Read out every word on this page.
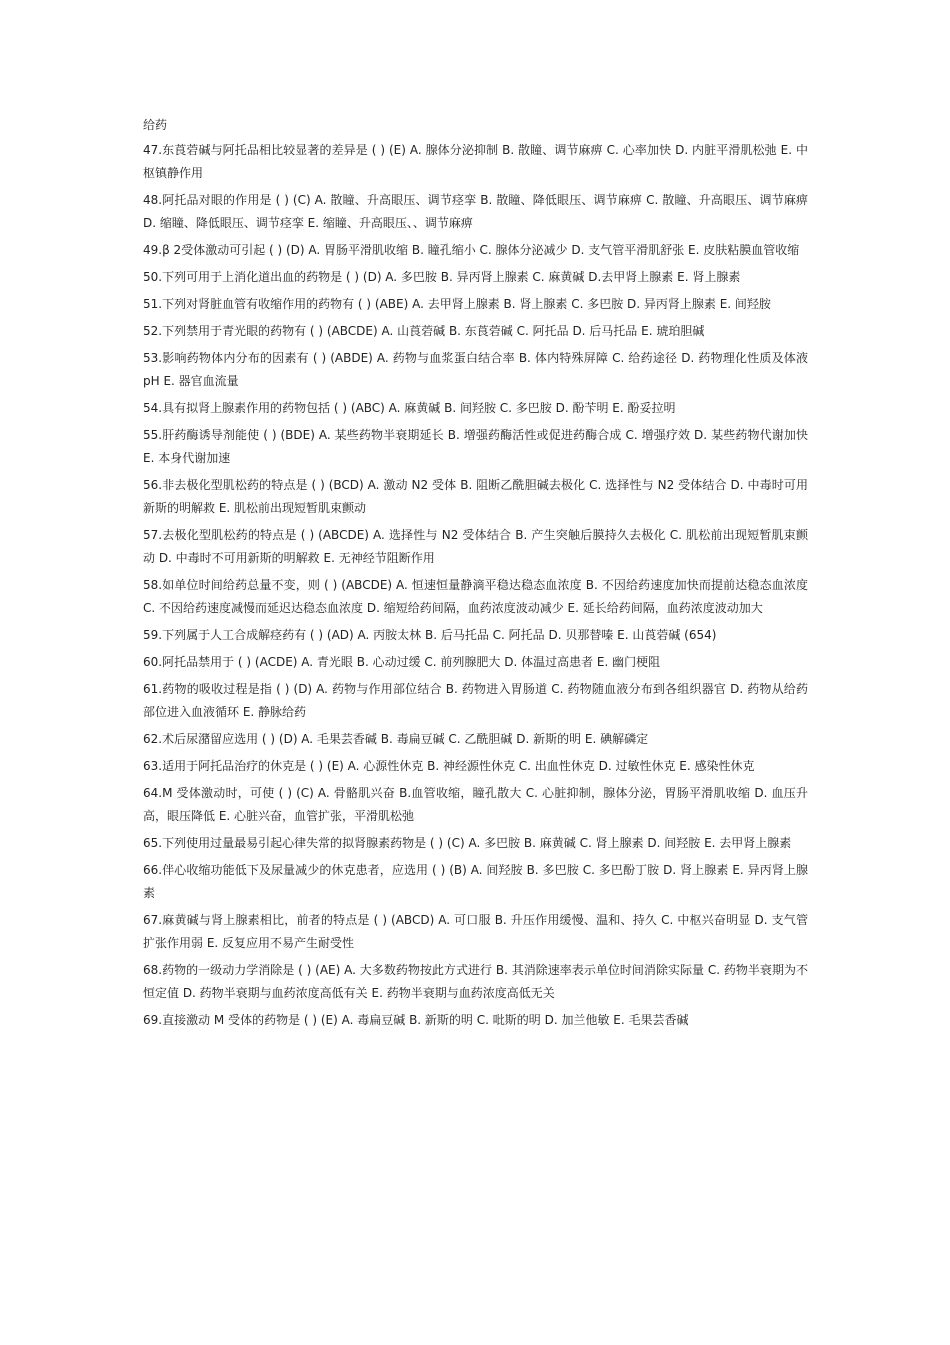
给药

47.东莨菪碱与阿托品相比较显著的差异是 ( ) (E) A. 腺体分泌抑制 B. 散瞳、调节麻痹 C. 心率加快 D. 内脏平滑肌松弛 E. 中枢镇静作用

48.阿托品对眼的作用是 ( ) (C) A. 散瞳、升高眼压、调节痉挛 B. 散瞳、降低眼压、调节麻痹 C. 散瞳、升高眼压、调节麻痹 D. 缩瞳、降低眼压、调节痉挛 E. 缩瞳、升高眼压、、调节麻痹

49.β 2受体激动可引起 ( ) (D) A. 胃肠平滑肌收缩 B. 瞳孔缩小 C. 腺体分泌减少 D. 支气管平滑肌舒张 E. 皮肤粘膜血管收缩

50.下列可用于上消化道出血的药物是 ( ) (D) A. 多巴胺 B. 异丙肾上腺素 C. 麻黄碱 D.去甲肾上腺素 E. 肾上腺素

51.下列对肾脏血管有收缩作用的药物有 ( ) (ABE) A. 去甲肾上腺素 B. 肾上腺素 C. 多巴胺 D. 异丙肾上腺素 E. 间羟胺

52.下列禁用于青光眼的药物有 ( ) (ABCDE) A. 山莨菪碱 B. 东莨菪碱 C. 阿托品 D. 后马托品 E. 琥珀胆碱

53.影响药物体内分布的因素有 ( ) (ABDE) A. 药物与血浆蛋白结合率 B. 体内特殊屏障 C. 给药途径 D. 药物理化性质及体液 pH E. 器官血流量

54.具有拟肾上腺素作用的药物包括 ( ) (ABC) A. 麻黄碱 B. 间羟胺 C. 多巴胺 D. 酚苄明 E. 酚妥拉明

55.肝药酶诱导剂能使 ( ) (BDE) A. 某些药物半衰期延长 B. 增强药酶活性或促进药酶合成 C. 增强疗效 D. 某些药物代谢加快 E. 本身代谢加速

56.非去极化型肌松药的特点是 ( ) (BCD) A. 激动 N2 受体 B. 阻断乙酰胆碱去极化 C. 选择性与 N2 受体结合 D. 中毒时可用新斯的明解救 E. 肌松前出现短暂肌束颤动

57.去极化型肌松药的特点是 ( ) (ABCDE) A. 选择性与 N2 受体结合 B. 产生突触后膜持久去极化 C. 肌松前出现短暂肌束颤动 D. 中毒时不可用新斯的明解救 E. 无神经节阻断作用

58.如单位时间给药总量不变，则 ( ) (ABCDE) A. 恒速恒量静滴平稳达稳态血浓度 B. 不因给药速度加快而提前达稳态血浓度 C. 不因给药速度减慢而延迟达稳态血浓度 D. 缩短给药间隔，血药浓度波动减少 E. 延长给药间隔，血药浓度波动加大

59.下列属于人工合成解痉药有 ( ) (AD) A. 丙胺太林 B. 后马托品 C. 阿托品 D. 贝那替嗪 E. 山莨菪碱 (654)

60.阿托品禁用于 ( ) (ACDE) A. 青光眼 B. 心动过缓 C. 前列腺肥大 D. 体温过高患者 E. 幽门梗阻

61.药物的吸收过程是指 ( ) (D) A. 药物与作用部位结合 B. 药物进入胃肠道 C. 药物随血液分布到各组织器官 D. 药物从给药部位进入血液循环 E. 静脉给药

62.术后尿潴留应选用 ( ) (D) A. 毛果芸香碱 B. 毒扁豆碱 C. 乙酰胆碱 D. 新斯的明 E. 碘解磷定

63.适用于阿托品治疗的休克是 ( ) (E) A. 心源性休克 B. 神经源性休克 C. 出血性休克 D. 过敏性休克 E. 感染性休克

64.M 受体激动时，可使 ( ) (C) A. 骨骼肌兴奋 B.血管收缩，瞳孔散大 C. 心脏抑制，腺体分泌，胃肠平滑肌收缩 D. 血压升高，眼压降低 E. 心脏兴奋，血管扩张，平滑肌松弛

65.下列使用过量最易引起心律失常的拟肾腺素药物是 ( ) (C) A. 多巴胺 B. 麻黄碱 C. 肾上腺素 D. 间羟胺 E. 去甲肾上腺素

66.伴心收缩功能低下及尿量减少的休克患者，应选用 ( ) (B) A. 间羟胺 B. 多巴胺 C. 多巴酚丁胺 D. 肾上腺素 E. 异丙肾上腺素

67.麻黄碱与肾上腺素相比，前者的特点是 ( ) (ABCD) A. 可口服 B. 升压作用缓慢、温和、持久 C. 中枢兴奋明显 D. 支气管扩张作用弱 E. 反复应用不易产生耐受性

68.药物的一级动力学消除是 ( ) (AE) A. 大多数药物按此方式进行 B. 其消除速率表示单位时间消除实际量 C. 药物半衰期为不恒定值 D. 药物半衰期与血药浓度高低有关 E. 药物半衰期与血药浓度高低无关

69.直接激动 M 受体的药物是 ( ) (E) A. 毒扁豆碱 B. 新斯的明 C. 吡斯的明 D. 加兰他敏 E. 毛果芸香碱
